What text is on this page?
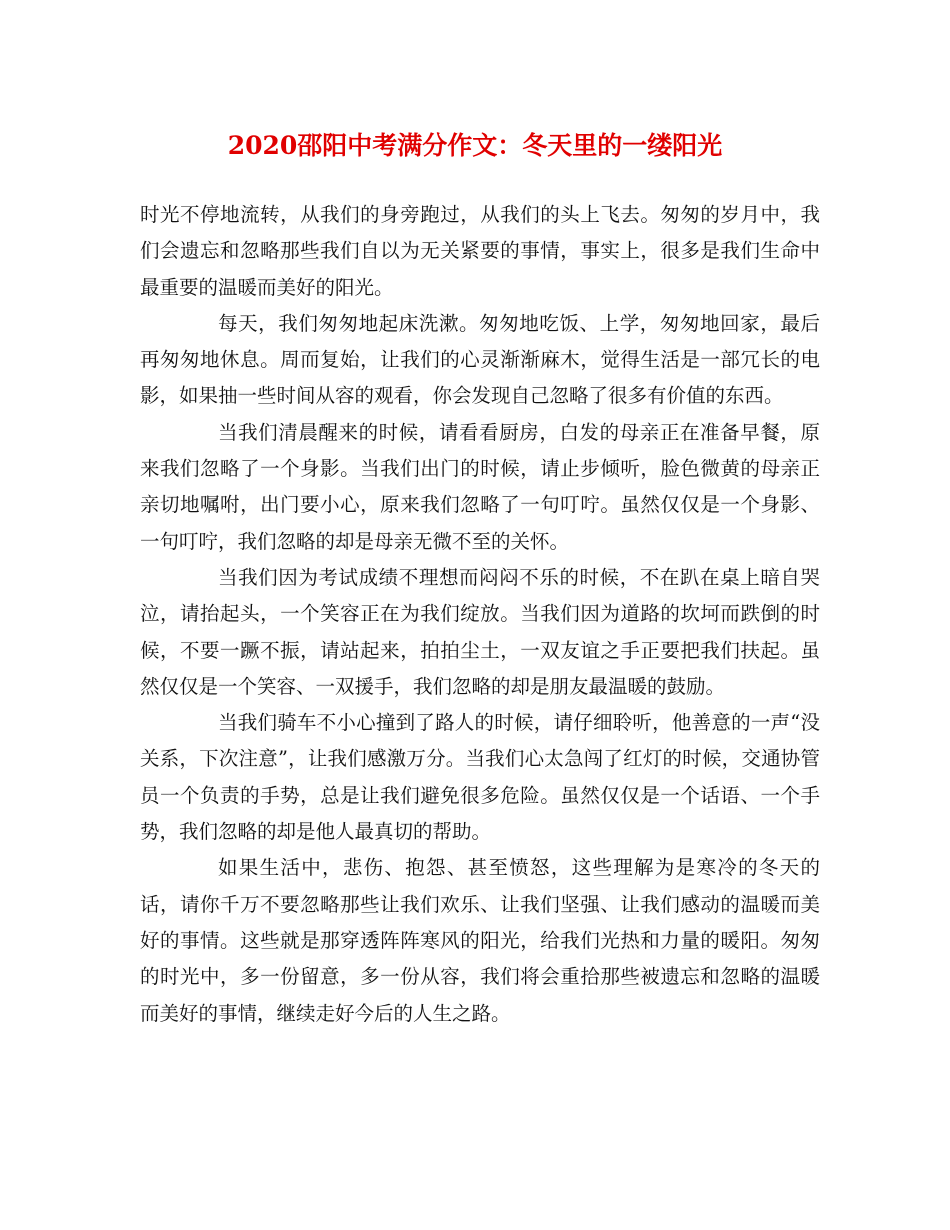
2020邵阳中考满分作文：冬天里的一缕阳光

时光不停地流转，从我们的身旁跑过，从我们的头上飞去。匆匆的岁月中，我们会遗忘和忽略那些我们自以为无关紧要的事情，事实上，很多是我们生命中最重要的温暖而美好的阳光。

每天，我们匆匆地起床洗漱。匆匆地吃饭、上学，匆匆地回家，最后再匆匆地休息。周而复始，让我们的心灵渐渐麻木，觉得生活是一部冗长的电影，如果抽一些时间从容的观看，你会发现自己忽略了很多有价值的东西。

当我们清晨醒来的时候，请看看厨房，白发的母亲正在准备早餐，原来我们忽略了一个身影。当我们出门的时候，请止步倾听，脸色微黄的母亲正亲切地嘱咐，出门要小心，原来我们忽略了一句叮咛。虽然仅仅是一个身影、一句叮咛，我们忽略的却是母亲无微不至的关怀。

当我们因为考试成绩不理想而闷闷不乐的时候，不在趴在桌上暗自哭泣，请抬起头，一个笑容正在为我们绽放。当我们因为道路的坎坷而跌倒的时候，不要一蹶不振，请站起来，拍拍尘土，一双友谊之手正要把我们扶起。虽然仅仅是一个笑容、一双援手，我们忽略的却是朋友最温暖的鼓励。

当我们骑车不小心撞到了路人的时候，请仔细聆听，他善意的一声“没关系，下次注意”，让我们感激万分。当我们心太急闯了红灯的时候，交通协管员一个负责的手势，总是让我们避免很多危险。虽然仅仅是一个话语、一个手势，我们忽略的却是他人最真切的帮助。

如果生活中，悲伤、抱怨、甚至愤怒，这些理解为是寒冷的冬天的话，请你千万不要忽略那些让我们欢乐、让我们坚强、让我们感动的温暖而美好的事情。这些就是那穿透阵阵寒风的阳光，给我们光热和力量的暖阳。匆匆的时光中，多一份留意，多一份从容，我们将会重拾那些被遗忘和忽略的温暖而美好的事情，继续走好今后的人生之路。
